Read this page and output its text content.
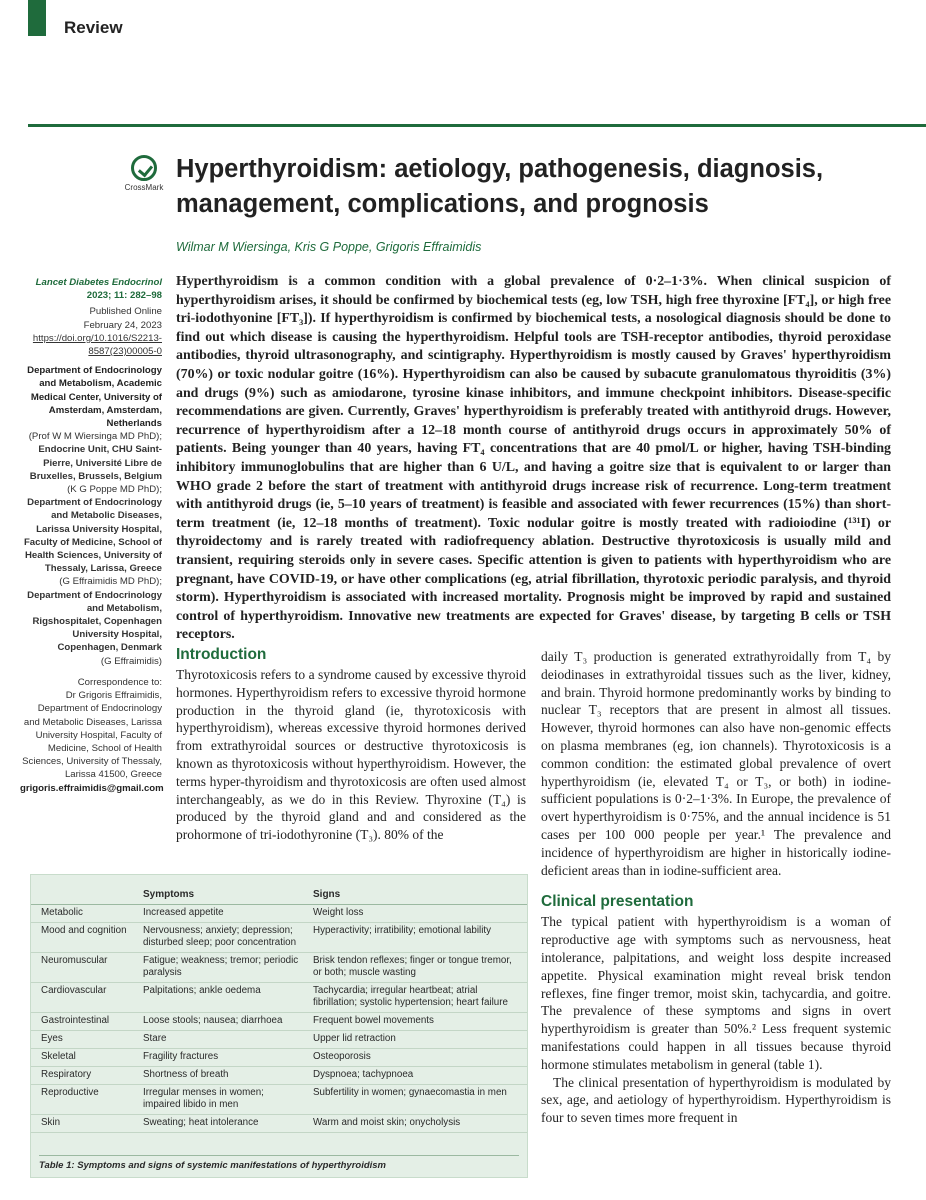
Review
CrossMark
Hyperthyroidism: aetiology, pathogenesis, diagnosis, management, complications, and prognosis
Wilmar M Wiersinga, Kris G Poppe, Grigoris Effraimidis
Lancet Diabetes Endocrinol
2023; 11: 282–98
Published Online
February 24, 2023
https://doi.org/10.1016/S2213-8587(23)00005-0
Department of Endocrinology and Metabolism, Academic Medical Center, University of Amsterdam, Amsterdam, Netherlands
(Prof W M Wiersinga MD PhD);
Endocrine Unit, CHU Saint-Pierre, Université Libre de Bruxelles, Brussels, Belgium
(K G Poppe MD PhD);
Department of Endocrinology and Metabolic Diseases, Larissa University Hospital, Faculty of Medicine, School of Health Sciences, University of Thessaly, Larissa, Greece
(G Effraimidis MD PhD);
Department of Endocrinology and Metabolism, Rigshospitalet, Copenhagen University Hospital, Copenhagen, Denmark
(G Effraimidis)
Correspondence to:
Dr Grigoris Effraimidis, Department of Endocrinology and Metabolic Diseases, Larissa University Hospital, Faculty of Medicine, School of Health Sciences, University of Thessaly, Larissa 41500, Greece
grigoris.effraimidis@gmail.com

Hyperthyroidism is a common condition with a global prevalence of 0·2–1·3%. When clinical suspicion of hyperthyroidism arises, it should be confirmed by biochemical tests (eg, low TSH, high free thyroxine [FT₄], or high free tri-iodothyonine [FT₃]). If hyperthyroidism is confirmed by biochemical tests, a nosological diagnosis should be done to find out which disease is causing the hyperthyroidism. Helpful tools are TSH-receptor antibodies, thyroid peroxidase antibodies, thyroid ultrasonography, and scintigraphy. Hyperthyroidism is mostly caused by Graves' hyperthyroidism (70%) or toxic nodular goitre (16%). Hyperthyroidism can also be caused by subacute granulomatous thyroiditis (3%) and drugs (9%) such as amiodarone, tyrosine kinase inhibitors, and immune checkpoint inhibitors. Disease-specific recommendations are given. Currently, Graves' hyperthyroidism is preferably treated with antithyroid drugs. However, recurrence of hyperthyroidism after a 12–18 month course of antithyroid drugs occurs in approximately 50% of patients. Being younger than 40 years, having FT₄ concentrations that are 40 pmol/L or higher, having TSH-binding inhibitory immunoglobulins that are higher than 6 U/L, and having a goitre size that is equivalent to or larger than WHO grade 2 before the start of treatment with antithyroid drugs increase risk of recurrence. Long-term treatment with antithyroid drugs (ie, 5–10 years of treatment) is feasible and associated with fewer recurrences (15%) than short-term treatment (ie, 12–18 months of treatment). Toxic nodular goitre is mostly treated with radioiodine (¹³¹I) or thyroidectomy and is rarely treated with radiofrequency ablation. Destructive thyrotoxicosis is usually mild and transient, requiring steroids only in severe cases. Specific attention is given to patients with hyperthyroidism who are pregnant, have COVID-19, or have other complications (eg, atrial fibrillation, thyrotoxic periodic paralysis, and thyroid storm). Hyperthyroidism is associated with increased mortality. Prognosis might be improved by rapid and sustained control of hyperthyroidism. Innovative new treatments are expected for Graves' disease, by targeting B cells or TSH receptors.

Introduction

Thyrotoxicosis refers to a syndrome caused by excessive thyroid hormones. Hyperthyroidism refers to excessive thyroid hormone production in the thyroid gland (ie, thyrotoxicosis with hyperthyroidism), whereas excessive thyroid hormones derived from extrathyroidal sources or destructive thyrotoxicosis is known as thyrotoxicosis without hyperthyroidism. However, the terms hyper-thyroidism and thyrotoxicosis are often used almost interchangeably, as we do in this Review. Thyroxine (T₄) is produced by the thyroid gland and and considered as the prohormone of tri-iodothyronine (T₃). 80% of the

daily T₃ production is generated extrathyroidally from T₄ by deiodinases in extrathyroidal tissues such as the liver, kidney, and brain. Thyroid hormone predominantly works by binding to nuclear T₃ receptors that are present in almost all tissues. However, thyroid hormones can also have non-genomic effects on plasma membranes (eg, ion channels). Thyrotoxicosis is a common condition: the estimated global prevalence of overt hyperthyroidism (ie, elevated T₄ or T₃, or both) in iodine-sufficient populations is 0·2–1·3%. In Europe, the prevalence of overt hyperthyroidism is 0·75%, and the annual incidence is 51 cases per 100 000 people per year.¹ The prevalence and incidence of hyperthyroidism are higher in historically iodine-deficient areas than in iodine-sufficient area.

Clinical presentation

The typical patient with hyperthyroidism is a woman of reproductive age with symptoms such as nervousness, heat intolerance, palpitations, and weight loss despite increased appetite. Physical examination might reveal brisk tendon reflexes, fine finger tremor, moist skin, tachycardia, and goitre. The prevalence of these symptoms and signs in overt hyperthyroidism is greater than 50%.² Less frequent systemic manifestations could happen in all tissues because thyroid hormone stimulates metabolism in general (table 1).

The clinical presentation of hyperthyroidism is modulated by sex, age, and aetiology of hyperthyroidism. Hyperthyroidism is four to seven times more frequent in

	Symptoms	Signs
Metabolic	Increased appetite	Weight loss
Mood and cognition	Nervousness; anxiety; depression; disturbed sleep; poor concentration	Hyperactivity; irratibility; emotional lability
Neuromuscular	Fatigue; weakness; tremor; periodic paralysis	Brisk tendon reflexes; finger or tongue tremor, or both; muscle wasting
Cardiovascular	Palpitations; ankle oedema	Tachycardia; irregular heartbeat; atrial fibrillation; systolic hypertension; heart failure
Gastrointestinal	Loose stools; nausea; diarrhoea	Frequent bowel movements
Eyes	Stare	Upper lid retraction
Skeletal	Fragility fractures	Osteoporosis
Respiratory	Shortness of breath	Dyspnoea; tachypnoea
Reproductive	Irregular menses in women; impaired libido in men	Subfertility in women; gynaecomastia in men
Skin	Sweating; heat intolerance	Warm and moist skin; onycholysis
Table 1: Symptoms and signs of systemic manifestations of hyperthyroidism
